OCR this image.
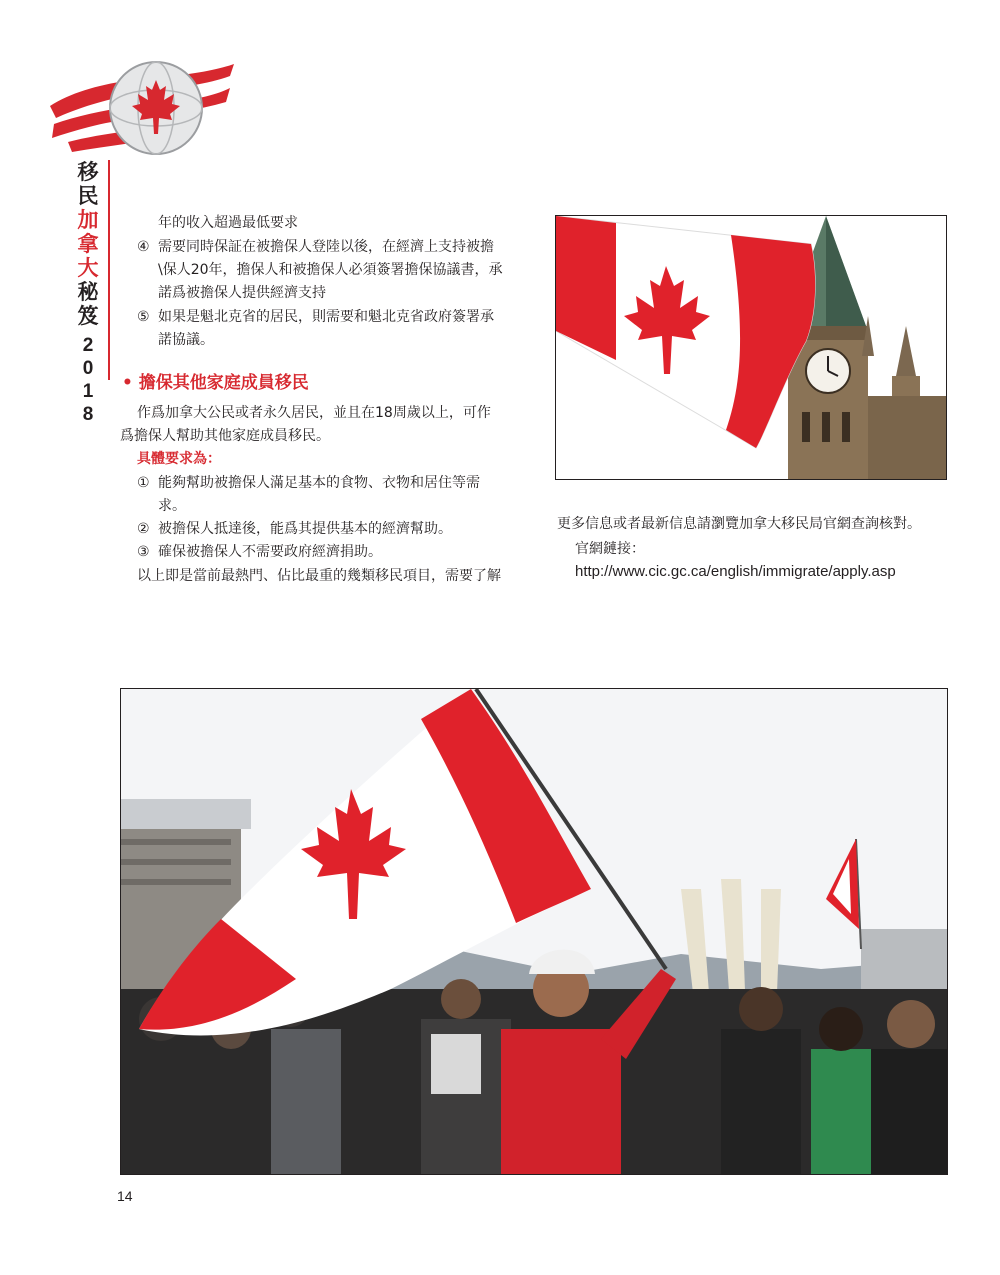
移
民
加
拿
大
秘
笈
2
0
1
8
年的收入超過最低要求
④ 需要同時保証在被擔保人登陸以後，在經濟上支持被擔
\保人20年，擔保人和被擔保人必須簽署擔保協議書，承
諾爲被擔保人提供經濟支持
⑤ 如果是魁北克省的居民，則需要和魁北克省政府簽署承
諾協議。
• 擔保其他家庭成員移民
作爲加拿大公民或者永久居民，並且在18周歲以上，可作
爲擔保人幫助其他家庭成員移民。
具體要求為：
① 能夠幫助被擔保人滿足基本的食物、衣物和居住等需
求。
② 被擔保人抵達後，能爲其提供基本的經濟幫助。
③ 確保被擔保人不需要政府經濟捐助。
以上即是當前最熱門、佔比最重的幾類移民項目，需要了解
更多信息或者最新信息請瀏覽加拿大移民局官網查詢核對。
官網鏈接：
http://www.cic.gc.ca/english/immigrate/apply.asp
14
